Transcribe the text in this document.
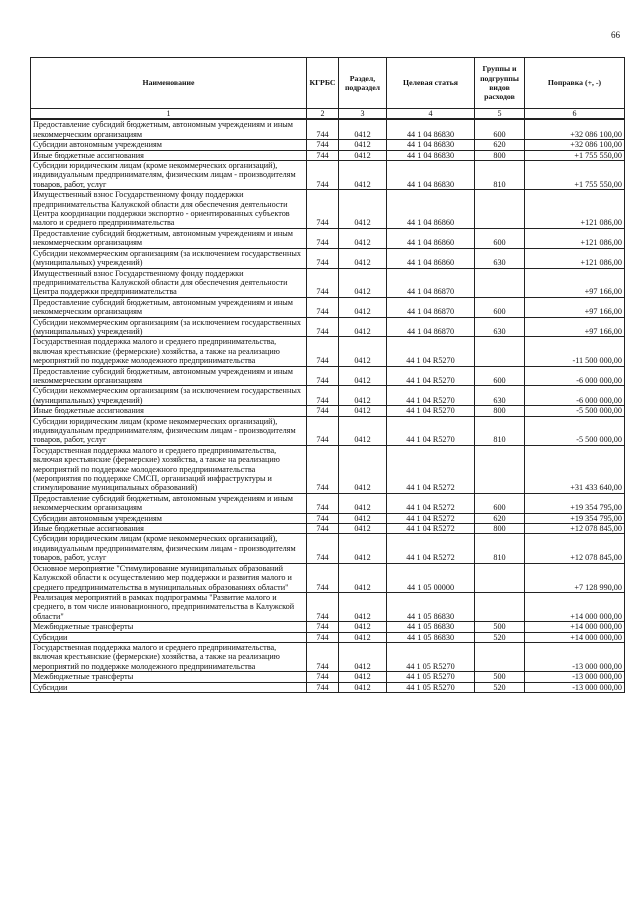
66
Наименование	КГРБС	Раздел, подраздел	Целевая статья	Группы и подгруппы видов расходов	Поправка (+, -)
1	2	3	4	5	6
Предоставление субсидий бюджетным, автономным учреждениям и иным некоммерческим организациям	744	0412	44 1 04 86830	600	+32 086 100,00
Субсидии автономным учреждениям	744	0412	44 1 04 86830	620	+32 086 100,00
Иные бюджетные ассигнования	744	0412	44 1 04 86830	800	+1 755 550,00
Субсидии юридическим лицам (кроме некоммерческих организаций), индивидуальным предпринимателям, физическим лицам - производителям товаров, работ, услуг	744	0412	44 1 04 86830	810	+1 755 550,00
Имущественный взнос Государственному фонду поддержки предпринимательства Калужской области для обеспечения деятельности Центра координации поддержки экспортно - ориентированных субъектов малого и среднего предпринимательства	744	0412	44 1 04 86860		+121 086,00
Предоставление субсидий бюджетным, автономным учреждениям и иным некоммерческим организациям	744	0412	44 1 04 86860	600	+121 086,00
Субсидии некоммерческим организациям (за исключением государственных (муниципальных) учреждений)	744	0412	44 1 04 86860	630	+121 086,00
Имущественный взнос Государственному фонду поддержки предпринимательства Калужской области для обеспечения деятельности Центра поддержки предпринимательства	744	0412	44 1 04 86870		+97 166,00
Предоставление субсидий бюджетным, автономным учреждениям и иным некоммерческим организациям	744	0412	44 1 04 86870	600	+97 166,00
Субсидии некоммерческим организациям (за исключением государственных (муниципальных) учреждений)	744	0412	44 1 04 86870	630	+97 166,00
Государственная поддержка малого и среднего предпринимательства, включая крестьянские (фермерские) хозяйства, а также на реализацию мероприятий по поддержке молодежного предпринимательства	744	0412	44 1 04 R5270		-11 500 000,00
Предоставление субсидий бюджетным, автономным учреждениям и иным некоммерческим организациям	744	0412	44 1 04 R5270	600	-6 000 000,00
Субсидии некоммерческим организациям (за исключением государственных (муниципальных) учреждений)	744	0412	44 1 04 R5270	630	-6 000 000,00
Иные бюджетные ассигнования	744	0412	44 1 04 R5270	800	-5 500 000,00
Субсидии юридическим лицам (кроме некоммерческих организаций), индивидуальным предпринимателям, физическим лицам - производителям товаров, работ, услуг	744	0412	44 1 04 R5270	810	-5 500 000,00
Государственная поддержка малого и среднего предпринимательства, включая крестьянские (фермерские) хозяйства, а также на реализацию мероприятий по поддержке молодежного предпринимательства (мероприятия по поддержке СМСП, организаций инфраструктуры и стимулирование муниципальных образований)	744	0412	44 1 04 R5272		+31 433 640,00
Предоставление субсидий бюджетным, автономным учреждениям и иным некоммерческим организациям	744	0412	44 1 04 R5272	600	+19 354 795,00
Субсидии автономным учреждениям	744	0412	44 1 04 R5272	620	+19 354 795,00
Иные бюджетные ассигнования	744	0412	44 1 04 R5272	800	+12 078 845,00
Субсидии юридическим лицам (кроме некоммерческих организаций), индивидуальным предпринимателям, физическим лицам - производителям товаров, работ, услуг	744	0412	44 1 04 R5272	810	+12 078 845,00
Основное мероприятие "Стимулирование муниципальных образований Калужской области к осуществлению мер поддержки и развития малого и среднего предпринимательства в муниципальных образованиях области"	744	0412	44 1 05 00000		+7 128 990,00
Реализация мероприятий в рамках подпрограммы "Развитие малого и среднего, в том числе инновационного, предпринимательства в Калужской области"	744	0412	44 1 05 86830		+14 000 000,00
Межбюджетные трансферты	744	0412	44 1 05 86830	500	+14 000 000,00
Субсидии	744	0412	44 1 05 86830	520	+14 000 000,00
Государственная поддержка малого и среднего предпринимательства, включая крестьянские (фермерские) хозяйства, а также на реализацию мероприятий по поддержке молодежного предпринимательства	744	0412	44 1 05 R5270		-13 000 000,00
Межбюджетные трансферты	744	0412	44 1 05 R5270	500	-13 000 000,00
Субсидии	744	0412	44 1 05 R5270	520	-13 000 000,00
